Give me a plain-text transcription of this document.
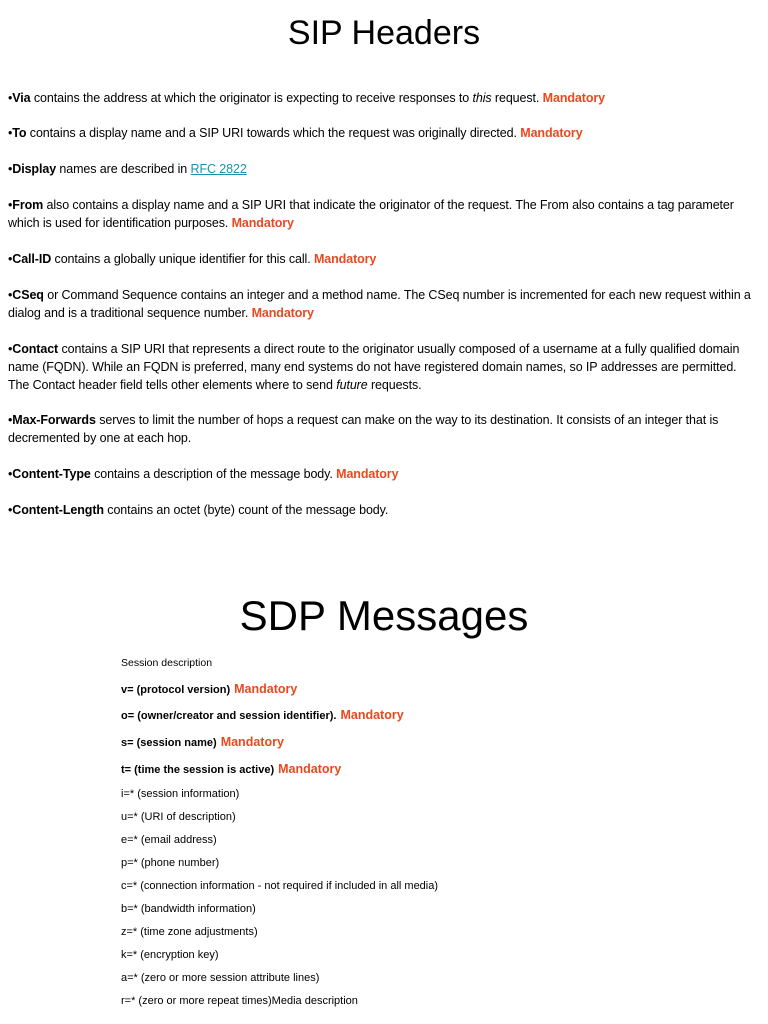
SIP Headers
•Via contains the address at which the originator is expecting to receive responses to this request. Mandatory
•To contains a display name and a SIP URI towards which the request was originally directed. Mandatory
•Display names are described in RFC 2822
•From also contains a display name and a SIP URI that indicate the originator of the request. The From also contains a tag parameter which is used for identification purposes. Mandatory
•Call-ID contains a globally unique identifier for this call. Mandatory
•CSeq or Command Sequence contains an integer and a method name. The CSeq number is incremented for each new request within a dialog and is a traditional sequence number. Mandatory
•Contact contains a SIP URI that represents a direct route to the originator usually composed of a username at a fully qualified domain name (FQDN). While an FQDN is preferred, many end systems do not have registered domain names, so IP addresses are permitted. The Contact header field tells other elements where to send future requests.
•Max-Forwards serves to limit the number of hops a request can make on the way to its destination. It consists of an integer that is decremented by one at each hop.
•Content-Type contains a description of the message body. Mandatory
•Content-Length contains an octet (byte) count of the message body.
SDP Messages
Session description
v= (protocol version) Mandatory
o= (owner/creator and session identifier). Mandatory
s= (session name) Mandatory
t= (time the session is active) Mandatory
i=* (session information)
u=* (URI of description)
e=* (email address)
p=* (phone number)
c=* (connection information - not required if included in all media)
b=* (bandwidth information)
z=* (time zone adjustments)
k=* (encryption key)
a=* (zero or more session attribute lines)
r=* (zero or more repeat times)Media description
